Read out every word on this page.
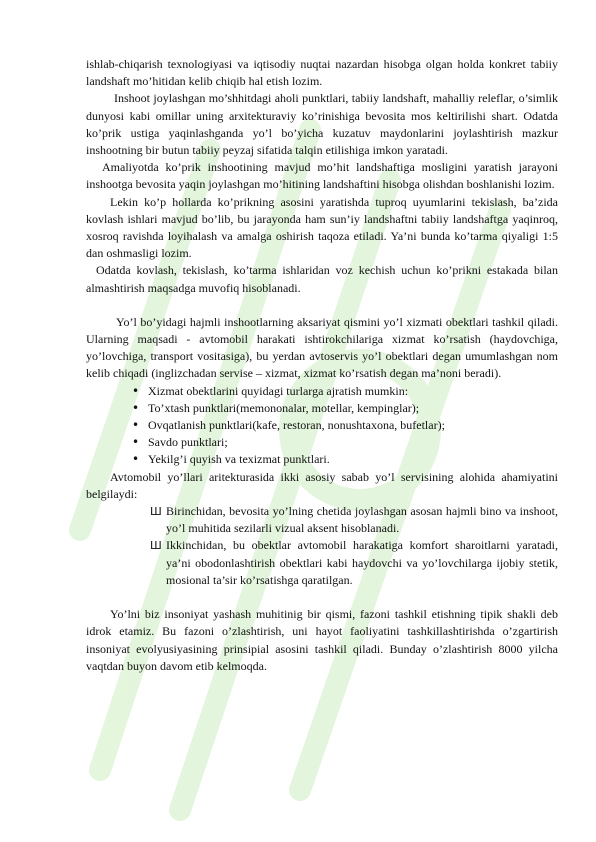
ishlab-chiqarish texnologiyasi va iqtisodiy nuqtai nazardan hisobga olgan holda konkret tabiiy landshaft mo’hitidan kelib chiqib hal etish lozim.

Inshoot joylashgan mo’shhitdagi aholi punktlari, tabiiy landshaft, mahalliy releflar, o’simlik dunyosi kabi omillar uning arxitekturaviy ko’rinishiga bevosita mos keltirilishi shart. Odatda ko’prik ustiga yaqinlashganda yo’l bo’yicha kuzatuv maydonlarini joylashtirish mazkur inshootning bir butun tabiiy peyzaj sifatida talqin etilishiga imkon yaratadi.

Amaliyotda ko’prik inshootining mavjud mo’hit landshaftiga mosligini yaratish jarayoni inshootga bevosita yaqin joylashgan mo’hitining landshaftini hisobga olishdan boshlanishi lozim.

Lekin ko’p hollarda ko’prikning asosini yaratishda tuproq uyumlarini tekislash, ba’zida kovlash ishlari mavjud bo’lib, bu jarayonda ham sun’iy landshaftni tabiiy landshaftga yaqinroq, xosroq ravishda loyihalash va amalga oshirish taqoza etiladi. Ya’ni bunda ko’tarma qiyaligi 1:5 dan oshmasligi lozim.

Odatda kovlash, tekislash, ko’tarma ishlaridan voz kechish uchun ko’prikni estakada bilan almashtirish maqsadga muvofiq hisoblanadi.

Yo’l bo’yidagi hajmli inshootlarning aksariyat qismini yo’l xizmati obektlari tashkil qiladi. Ularning maqsadi - avtomobil harakati ishtirokchilariga xizmat ko’rsatish (haydovchiga, yo’lovchiga, transport vositasiga), bu yerdan avtoservis yo’l obektlari degan umumlashgan nom kelib chiqadi (inglizchadan servise – xizmat, xizmat ko’rsatish degan ma’noni beradi).

• Xizmat obektlarini quyidagi turlarga ajratish mumkin:
• To’xtash punktlari(memononalar, motellar, kempinglar);
• Ovqatlanish punktlari(kafe, restoran, nonushtaxona, bufetlar);
• Savdo punktlari;
• Yekilg’i quyish va texizmat punktlari.

Avtomobil yo’llari aritekturasida ikki asosiy sabab yo’l servisining alohida ahamiyatini belgilaydi:

Ш Birinchidan, bevosita yo’lning chetida joylashgan asosan hajmli bino va inshoot, yo’l muhitida sezilarli vizual aksent hisoblanadi.
Ш Ikkinchidan, bu obektlar avtomobil harakatiga komfort sharoitlarni yaratadi, ya’ni obodonlashtirish obektlari kabi haydovchi va yo’lovchilarga ijobiy stetik, mosional ta’sir ko’rsatishga qaratilgan.

Yo’lni biz insoniyat yashash muhitinig bir qismi, fazoni tashkil etishning tipik shakli deb idrok etamiz. Bu fazoni o’zlashtirish, uni hayot faoliyatini tashkillashtirishda o’zgartirish insoniyat evolyusiyasining prinsipial asosini tashkil qiladi. Bunday o’zlashtirish 8000 yilcha vaqtdan buyon davom etib kelmoqda.
